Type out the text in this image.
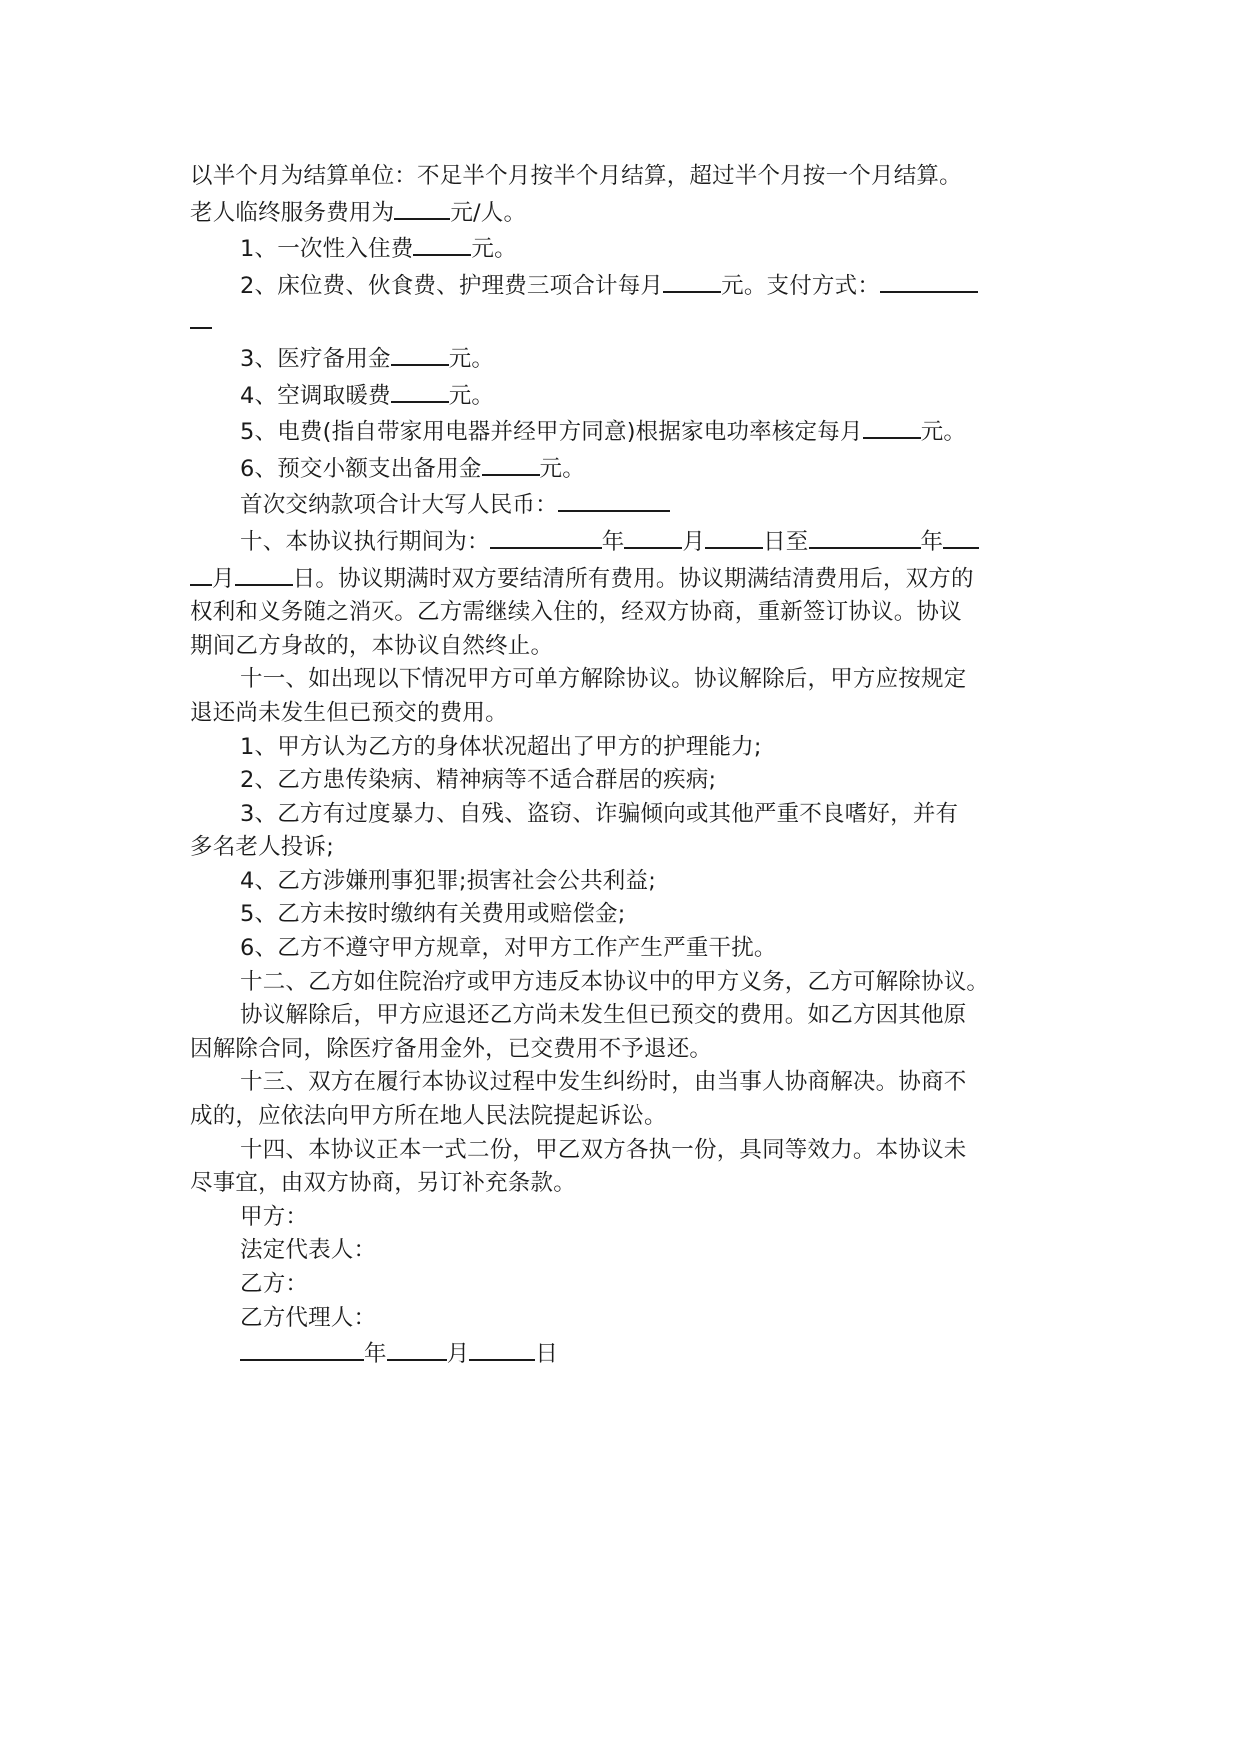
以半个月为结算单位：不足半个月按半个月结算，超过半个月按一个月结算。

老人临终服务费用为 元/人。

1、一次性入住费	元。

2、床位费、伙食费、护理费三项合计每月	元。支付方式：

3、医疗备用金	元。

4、空调取暖费	元。

5、电费(指自带家用电器并经甲方同意)根据家电功率核定每月	元。

6、预交小额支出备用金	元。

首次交纳款项合计大写人民币：

十、本协议执行期间为：	年	月	日至	年

月	日。协议期满时双方要结清所有费用。协议期满结清费用后，双方的

权利和义务随之消灭。乙方需继续入住的，经双方协商，重新签订协议。协议

期间乙方身故的，本协议自然终止。

十一、如出现以下情况甲方可单方解除协议。协议解除后，甲方应按规定

退还尚未发生但已预交的费用。

1、甲方认为乙方的身体状况超出了甲方的护理能力;

2、乙方患传染病、精神病等不适合群居的疾病;

3、乙方有过度暴力、自残、盗窃、诈骗倾向或其他严重不良嗜好，并有

多名老人投诉;

4、乙方涉嫌刑事犯罪;损害社会公共利益;

5、乙方未按时缴纳有关费用或赔偿金;

6、乙方不遵守甲方规章，对甲方工作产生严重干扰。

十二、乙方如住院治疗或甲方违反本协议中的甲方义务，乙方可解除协议。

协议解除后，甲方应退还乙方尚未发生但已预交的费用。如乙方因其他原

因解除合同，除医疗备用金外，已交费用不予退还。

十三、双方在履行本协议过程中发生纠纷时，由当事人协商解决。协商不

成的，应依法向甲方所在地人民法院提起诉讼。

十四、本协议正本一式二份，甲乙双方各执一份，具同等效力。本协议未

尽事宜，由双方协商，另订补充条款。

甲方：

法定代表人：

乙方：

乙方代理人：

年	月	日
